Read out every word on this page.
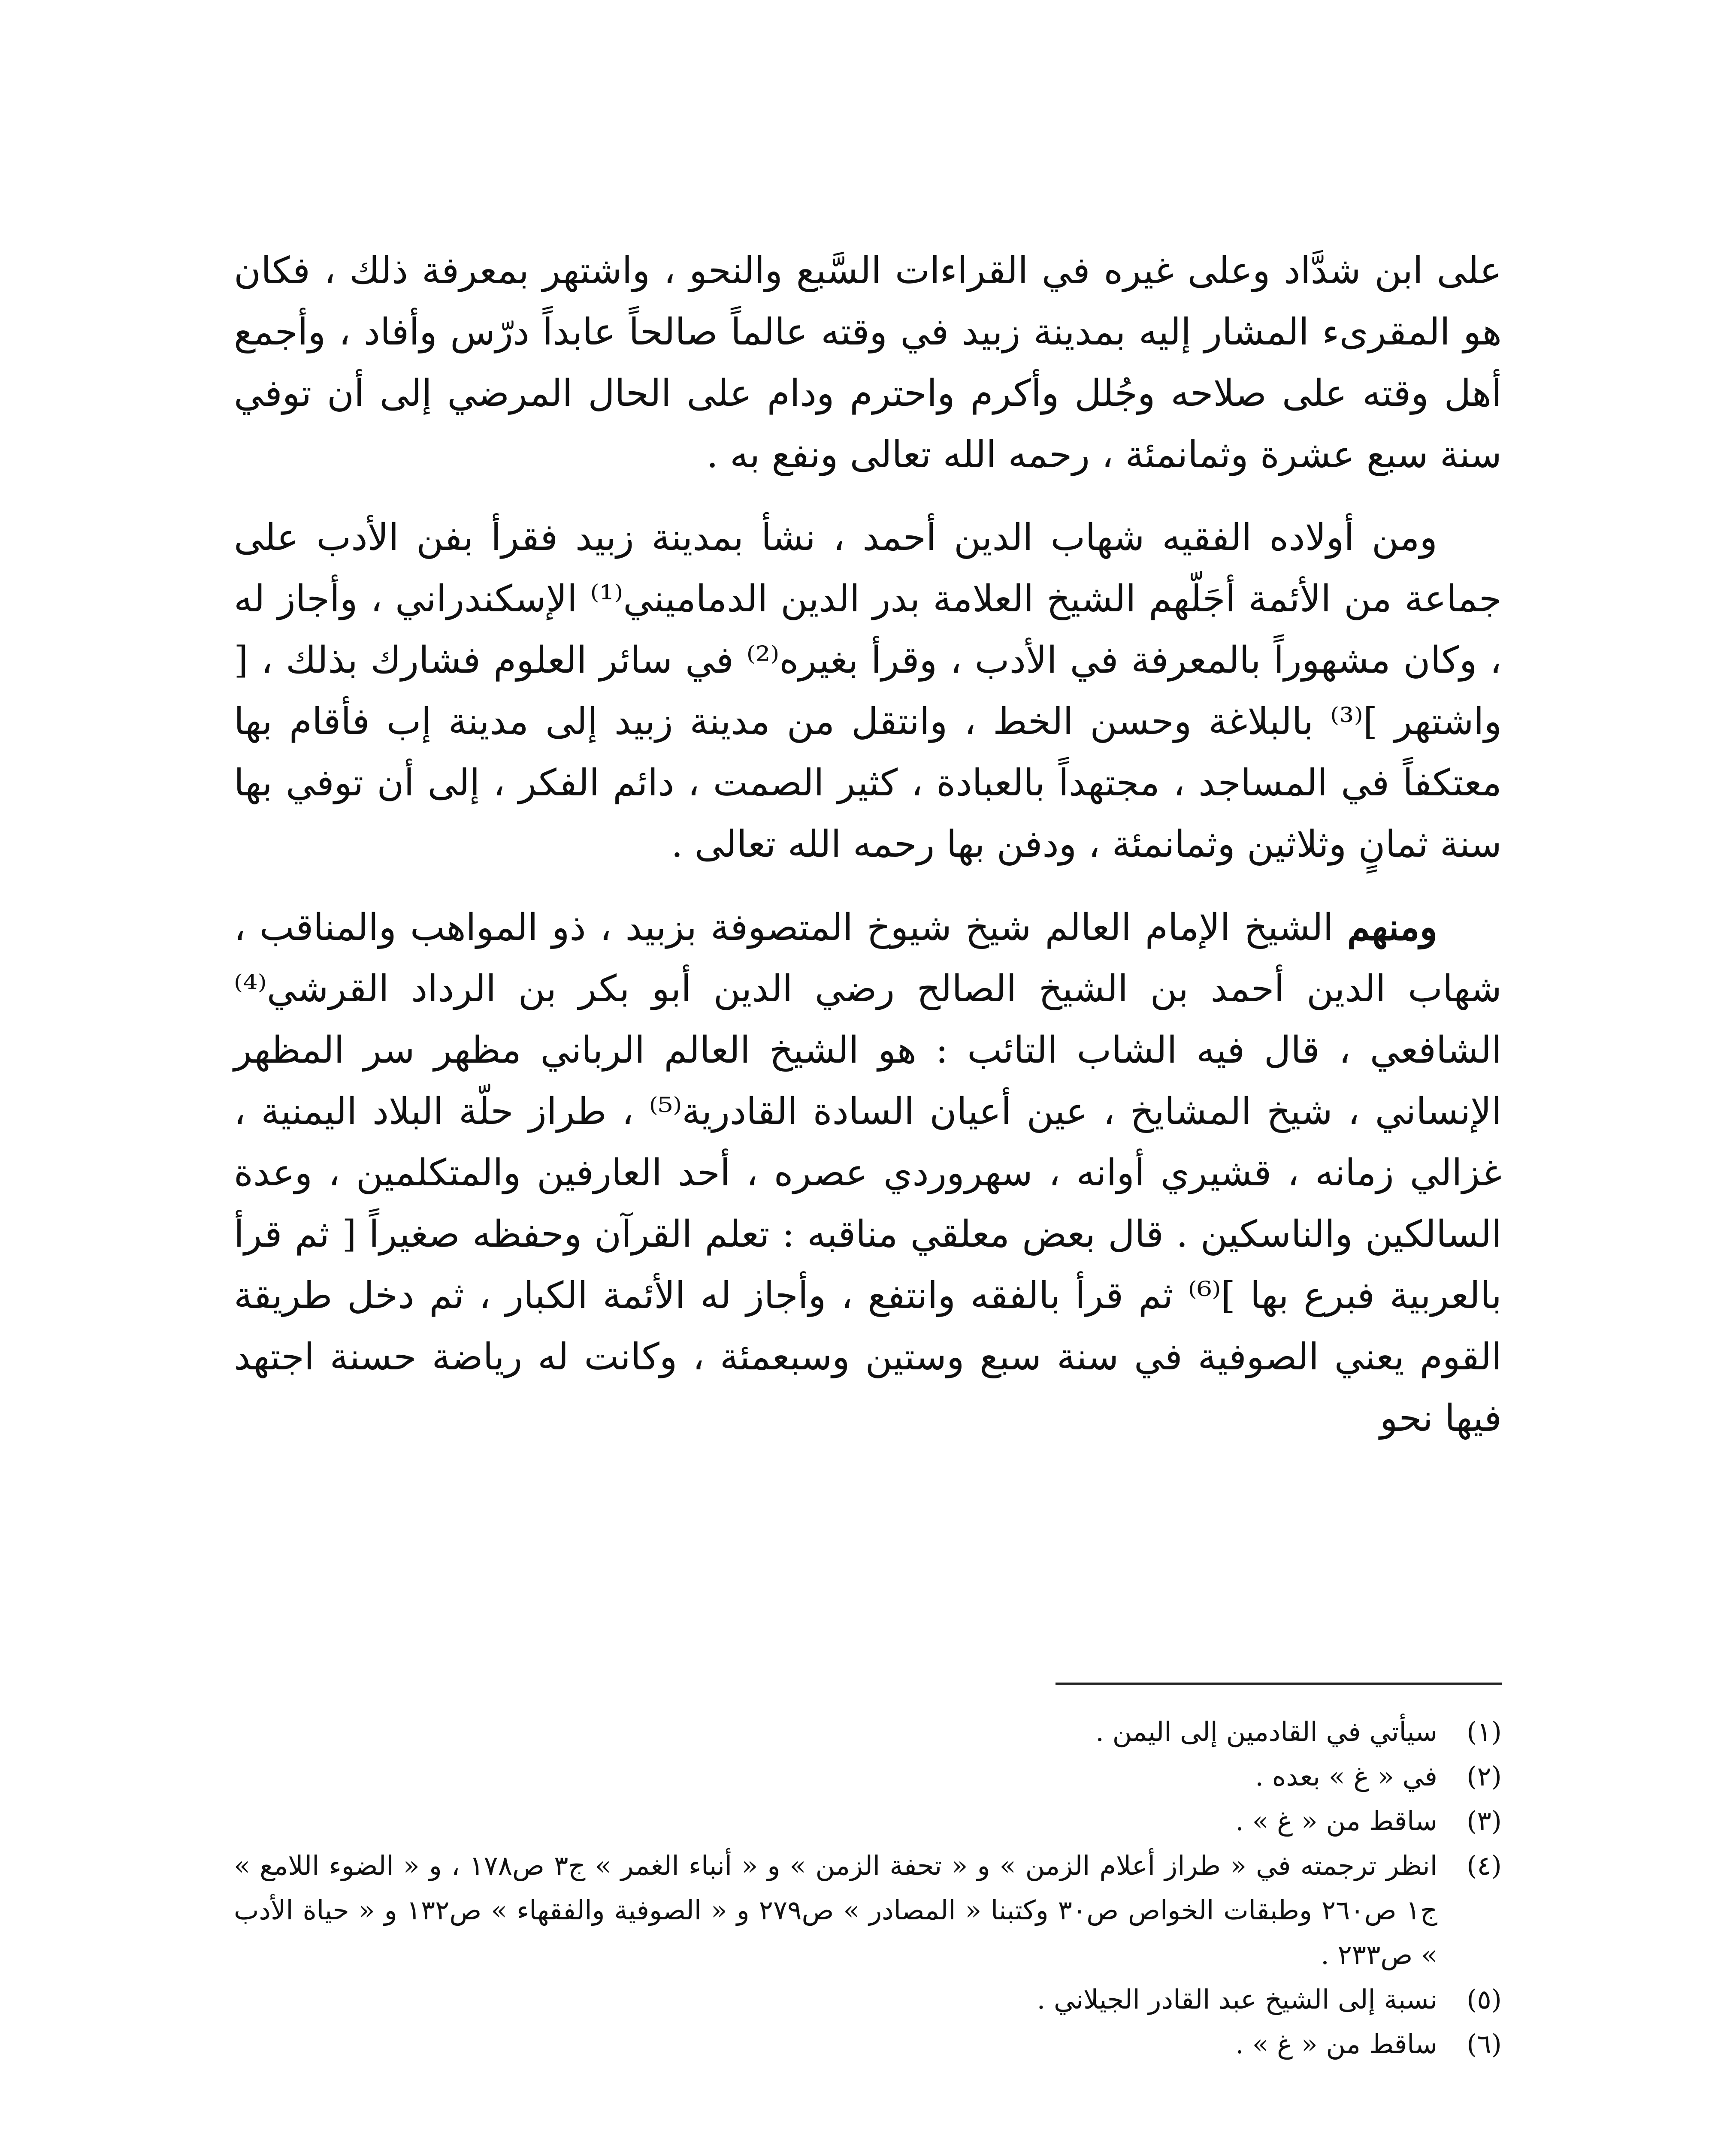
على ابن شدَّاد وعلى غيره في القراءات السَّبع والنحو ، واشتهر بمعرفة ذلك ، فكان هو المقرىء المشار إليه بمدينة زبيد في وقته عالماً صالحاً عابداً درّس وأفاد ، وأجمع أهل وقته على صلاحه وجُلل وأكرم واحترم ودام على الحال المرضي إلى أن توفي سنة سبع عشرة وثمانمئة ، رحمه الله تعالى ونفع به .

ومن أولاده الفقيه شهاب الدين أحمد ، نشأ بمدينة زبيد فقرأ بفن الأدب على جماعة من الأئمة أجَلّهم الشيخ العلامة بدر الدين الدماميني⁽¹⁾ الإسكندراني ، وأجاز له ، وكان مشهوراً بالمعرفة في الأدب ، وقرأ بغيره⁽²⁾ في سائر العلوم فشارك بذلك ، [ واشتهر ]⁽³⁾ بالبلاغة وحسن الخط ، وانتقل من مدينة زبيد إلى مدينة إب فأقام بها معتكفاً في المساجد ، مجتهداً بالعبادة ، كثير الصمت ، دائم الفكر ، إلى أن توفي بها سنة ثمانٍ وثلاثين وثمانمئة ، ودفن بها رحمه الله تعالى .

ومنهم الشيخ الإمام العالم شيخ شيوخ المتصوفة بزبيد ، ذو المواهب والمناقب ، شهاب الدين أحمد بن الشيخ الصالح رضي الدين أبو بكر بن الرداد القرشي⁽⁴⁾ الشافعي ، قال فيه الشاب التائب : هو الشيخ العالم الرباني مظهر سر المظهر الإنساني ، شيخ المشايخ ، عين أعيان السادة القادرية⁽⁵⁾ ، طراز حلّة البلاد اليمنية ، غزالي زمانه ، قشيري أوانه ، سهروردي عصره ، أحد العارفين والمتكلمين ، وعدة السالكين والناسكين . قال بعض معلقي مناقبه : تعلم القرآن وحفظه صغيراً [ ثم قرأ بالعربية فبرع بها ]⁽⁶⁾ ثم قرأ بالفقه وانتفع ، وأجاز له الأئمة الكبار ، ثم دخل طريقة القوم يعني الصوفية في سنة سبع وستين وسبعمئة ، وكانت له رياضة حسنة اجتهد فيها نحو

(١)
سيأتي في القادمين إلى اليمن .
(٢)
في « غ » بعده .
(٣)
ساقط من « غ » .
(٤)
انظر ترجمته في « طراز أعلام الزمن » و « تحفة الزمن » و « أنباء الغمر » ج٣ ص١٧٨ ، و « الضوء اللامع » ج١ ص٢٦٠ وطبقات الخواص ص٣٠ وكتبنا « المصادر » ص٢٧٩ و « الصوفية والفقهاء » ص١٣٢ و « حياة الأدب » ص٢٣٣ .
(٥)
نسبة إلى الشيخ عبد القادر الجيلاني .
(٦)
ساقط من « غ » .
